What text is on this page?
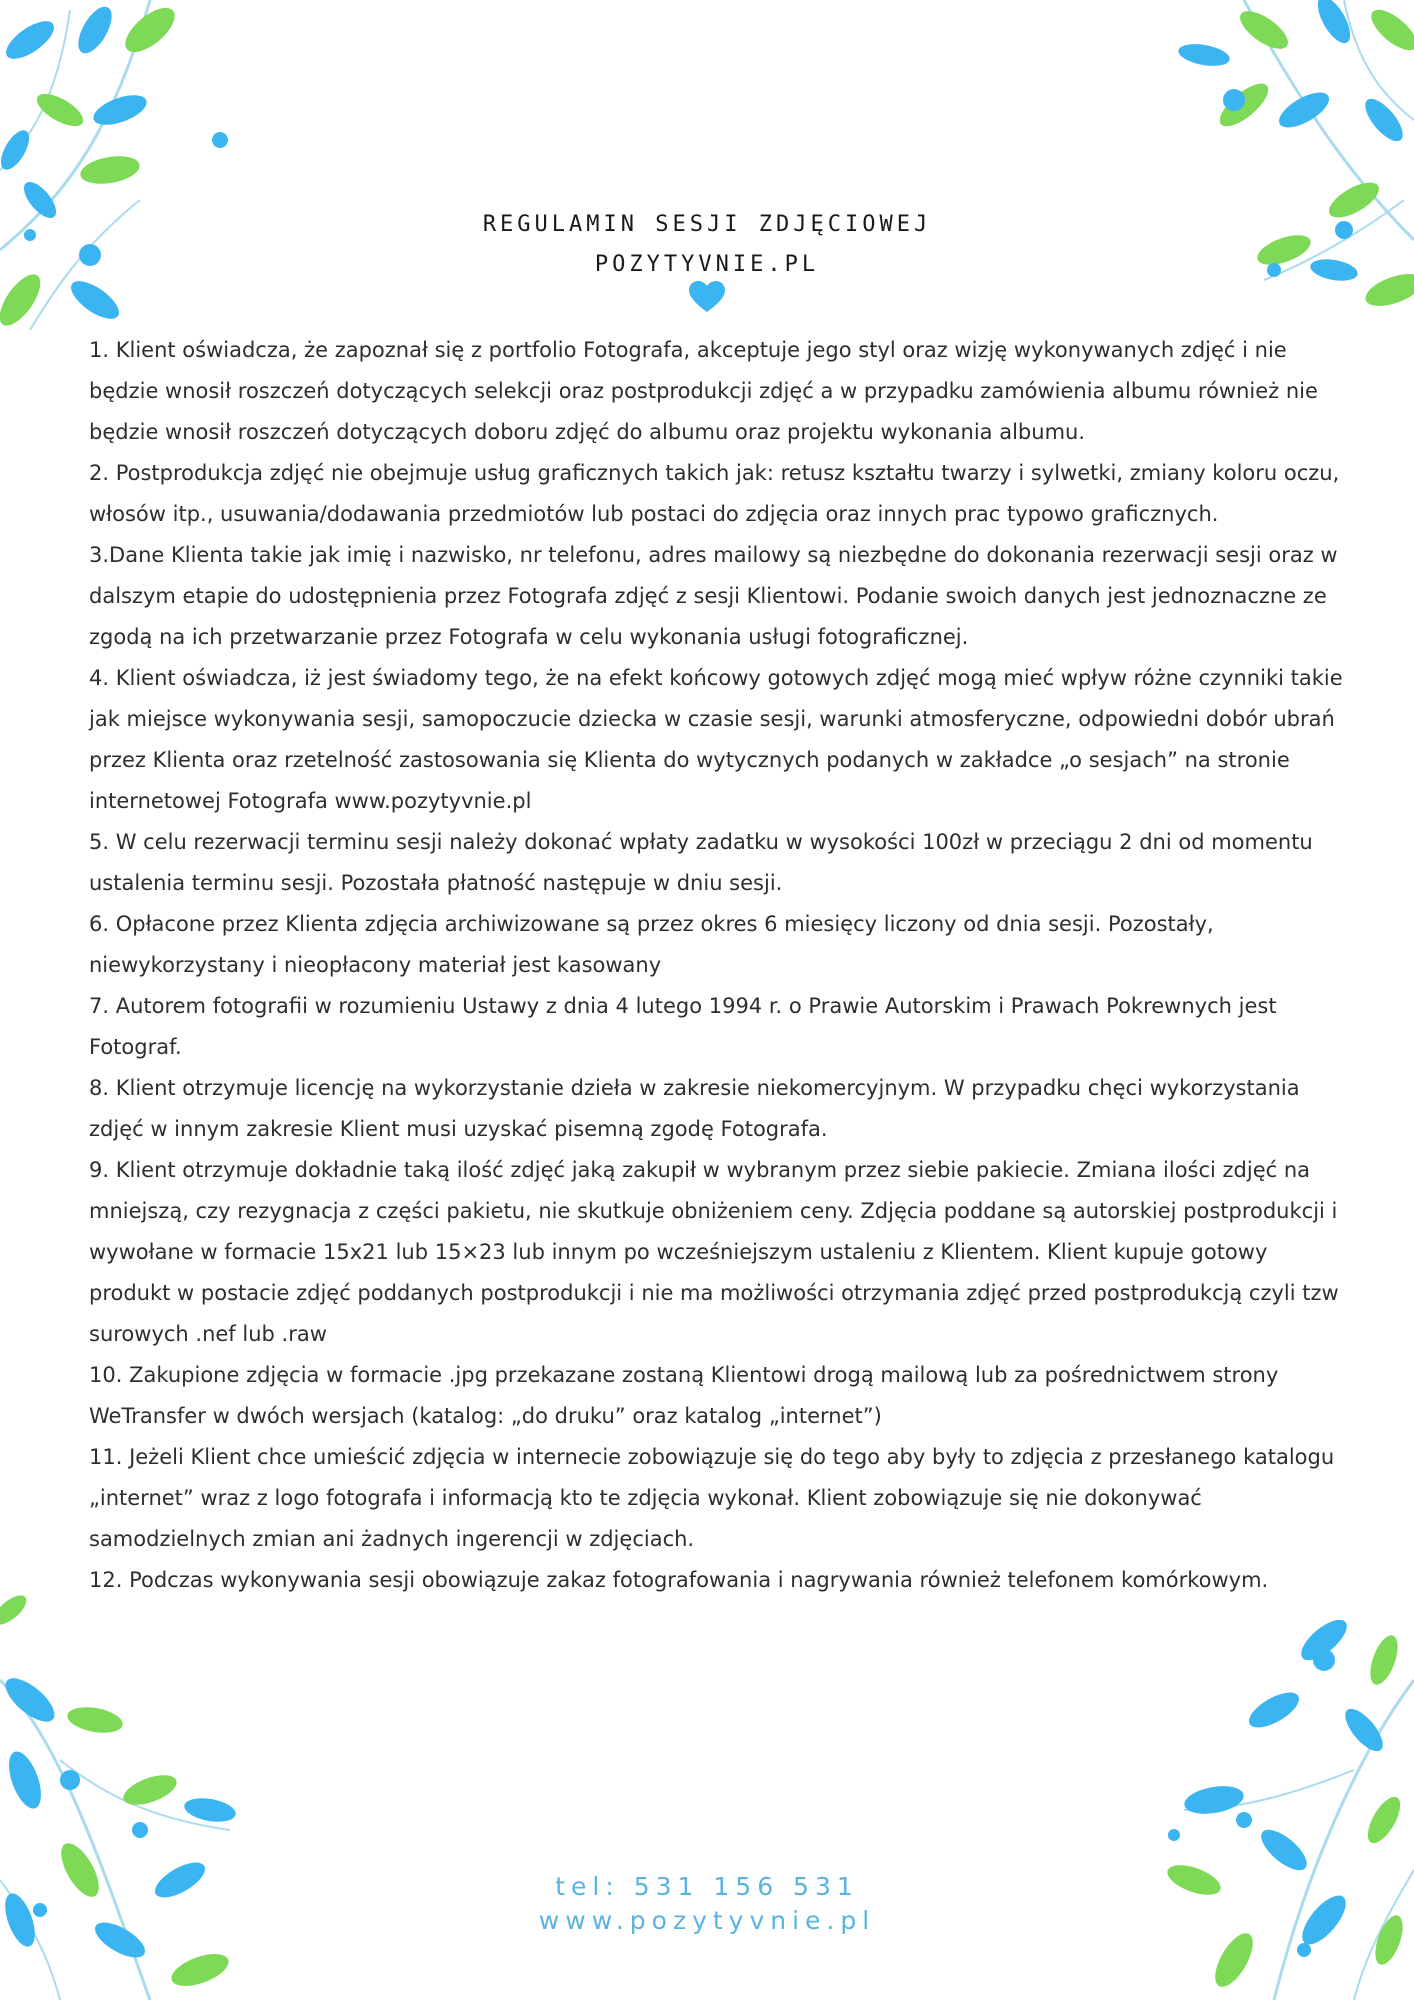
REGULAMIN SESJI ZDJĘCIOWEJ
POZYTYVNIE.PL

1. Klient oświadcza, że zapoznał się z portfolio Fotografa, akceptuje jego styl oraz wizję wykonywanych zdjęć i nie będzie wnosił roszczeń dotyczących selekcji oraz postprodukcji zdjęć a w przypadku zamówienia albumu również nie będzie wnosił roszczeń dotyczących doboru zdjęć do albumu oraz projektu wykonania albumu.

2. Postprodukcja zdjęć nie obejmuje usług graficznych takich jak: retusz kształtu twarzy i sylwetki, zmiany koloru oczu, włosów itp., usuwania/dodawania przedmiotów lub postaci do zdjęcia oraz innych prac typowo graficznych.

3.Dane Klienta takie jak imię i nazwisko, nr telefonu, adres mailowy są niezbędne do dokonania rezerwacji sesji oraz w dalszym etapie do udostępnienia przez Fotografa zdjęć z sesji Klientowi. Podanie swoich danych jest jednoznaczne ze zgodą na ich przetwarzanie przez Fotografa w celu wykonania usługi fotograficznej.

4. Klient oświadcza, iż jest świadomy tego, że na efekt końcowy gotowych zdjęć mogą mieć wpływ różne czynniki takie jak miejsce wykonywania sesji, samopoczucie dziecka w czasie sesji, warunki atmosferyczne, odpowiedni dobór ubrań przez Klienta oraz rzetelność zastosowania się Klienta do wytycznych podanych w zakładce „o sesjach” na stronie internetowej Fotografa www.pozytyvnie.pl

5. W celu rezerwacji terminu sesji należy dokonać wpłaty zadatku w wysokości 100zł w przeciągu 2 dni od momentu ustalenia terminu sesji. Pozostała płatność następuje w dniu sesji.

6. Opłacone przez Klienta zdjęcia archiwizowane są przez okres 6 miesięcy liczony od dnia sesji. Pozostały, niewykorzystany i nieopłacony materiał jest kasowany

7. Autorem fotografii w rozumieniu Ustawy z dnia 4 lutego 1994 r. o Prawie Autorskim i Prawach Pokrewnych jest Fotograf.

8. Klient otrzymuje licencję na wykorzystanie dzieła w zakresie niekomercyjnym. W przypadku chęci wykorzystania zdjęć w innym zakresie Klient musi uzyskać pisemną zgodę Fotografa.

9. Klient otrzymuje dokładnie taką ilość zdjęć jaką zakupił w wybranym przez siebie pakiecie. Zmiana ilości zdjęć na mniejszą, czy rezygnacja z części pakietu, nie skutkuje obniżeniem ceny. Zdjęcia poddane są autorskiej postprodukcji i wywołane w formacie 15x21 lub 15×23 lub innym po wcześniejszym ustaleniu z Klientem. Klient kupuje gotowy produkt w postacie zdjęć poddanych postprodukcji i nie ma możliwości otrzymania zdjęć przed postprodukcją czyli tzw surowych .nef lub .raw

10. Zakupione zdjęcia w formacie .jpg przekazane zostaną Klientowi drogą mailową lub za pośrednictwem strony WeTransfer w dwóch wersjach (katalog: „do druku” oraz katalog „internet”)

11. Jeżeli Klient chce umieścić zdjęcia w internecie zobowiązuje się do tego aby były to zdjęcia z przesłanego katalogu „internet” wraz z logo fotografa i informacją kto te zdjęcia wykonał. Klient zobowiązuje się nie dokonywać samodzielnych zmian ani żadnych ingerencji w zdjęciach.

12. Podczas wykonywania sesji obowiązuje zakaz fotografowania i nagrywania również telefonem komórkowym.

tel: 531 156 531
www.pozytyvnie.pl
